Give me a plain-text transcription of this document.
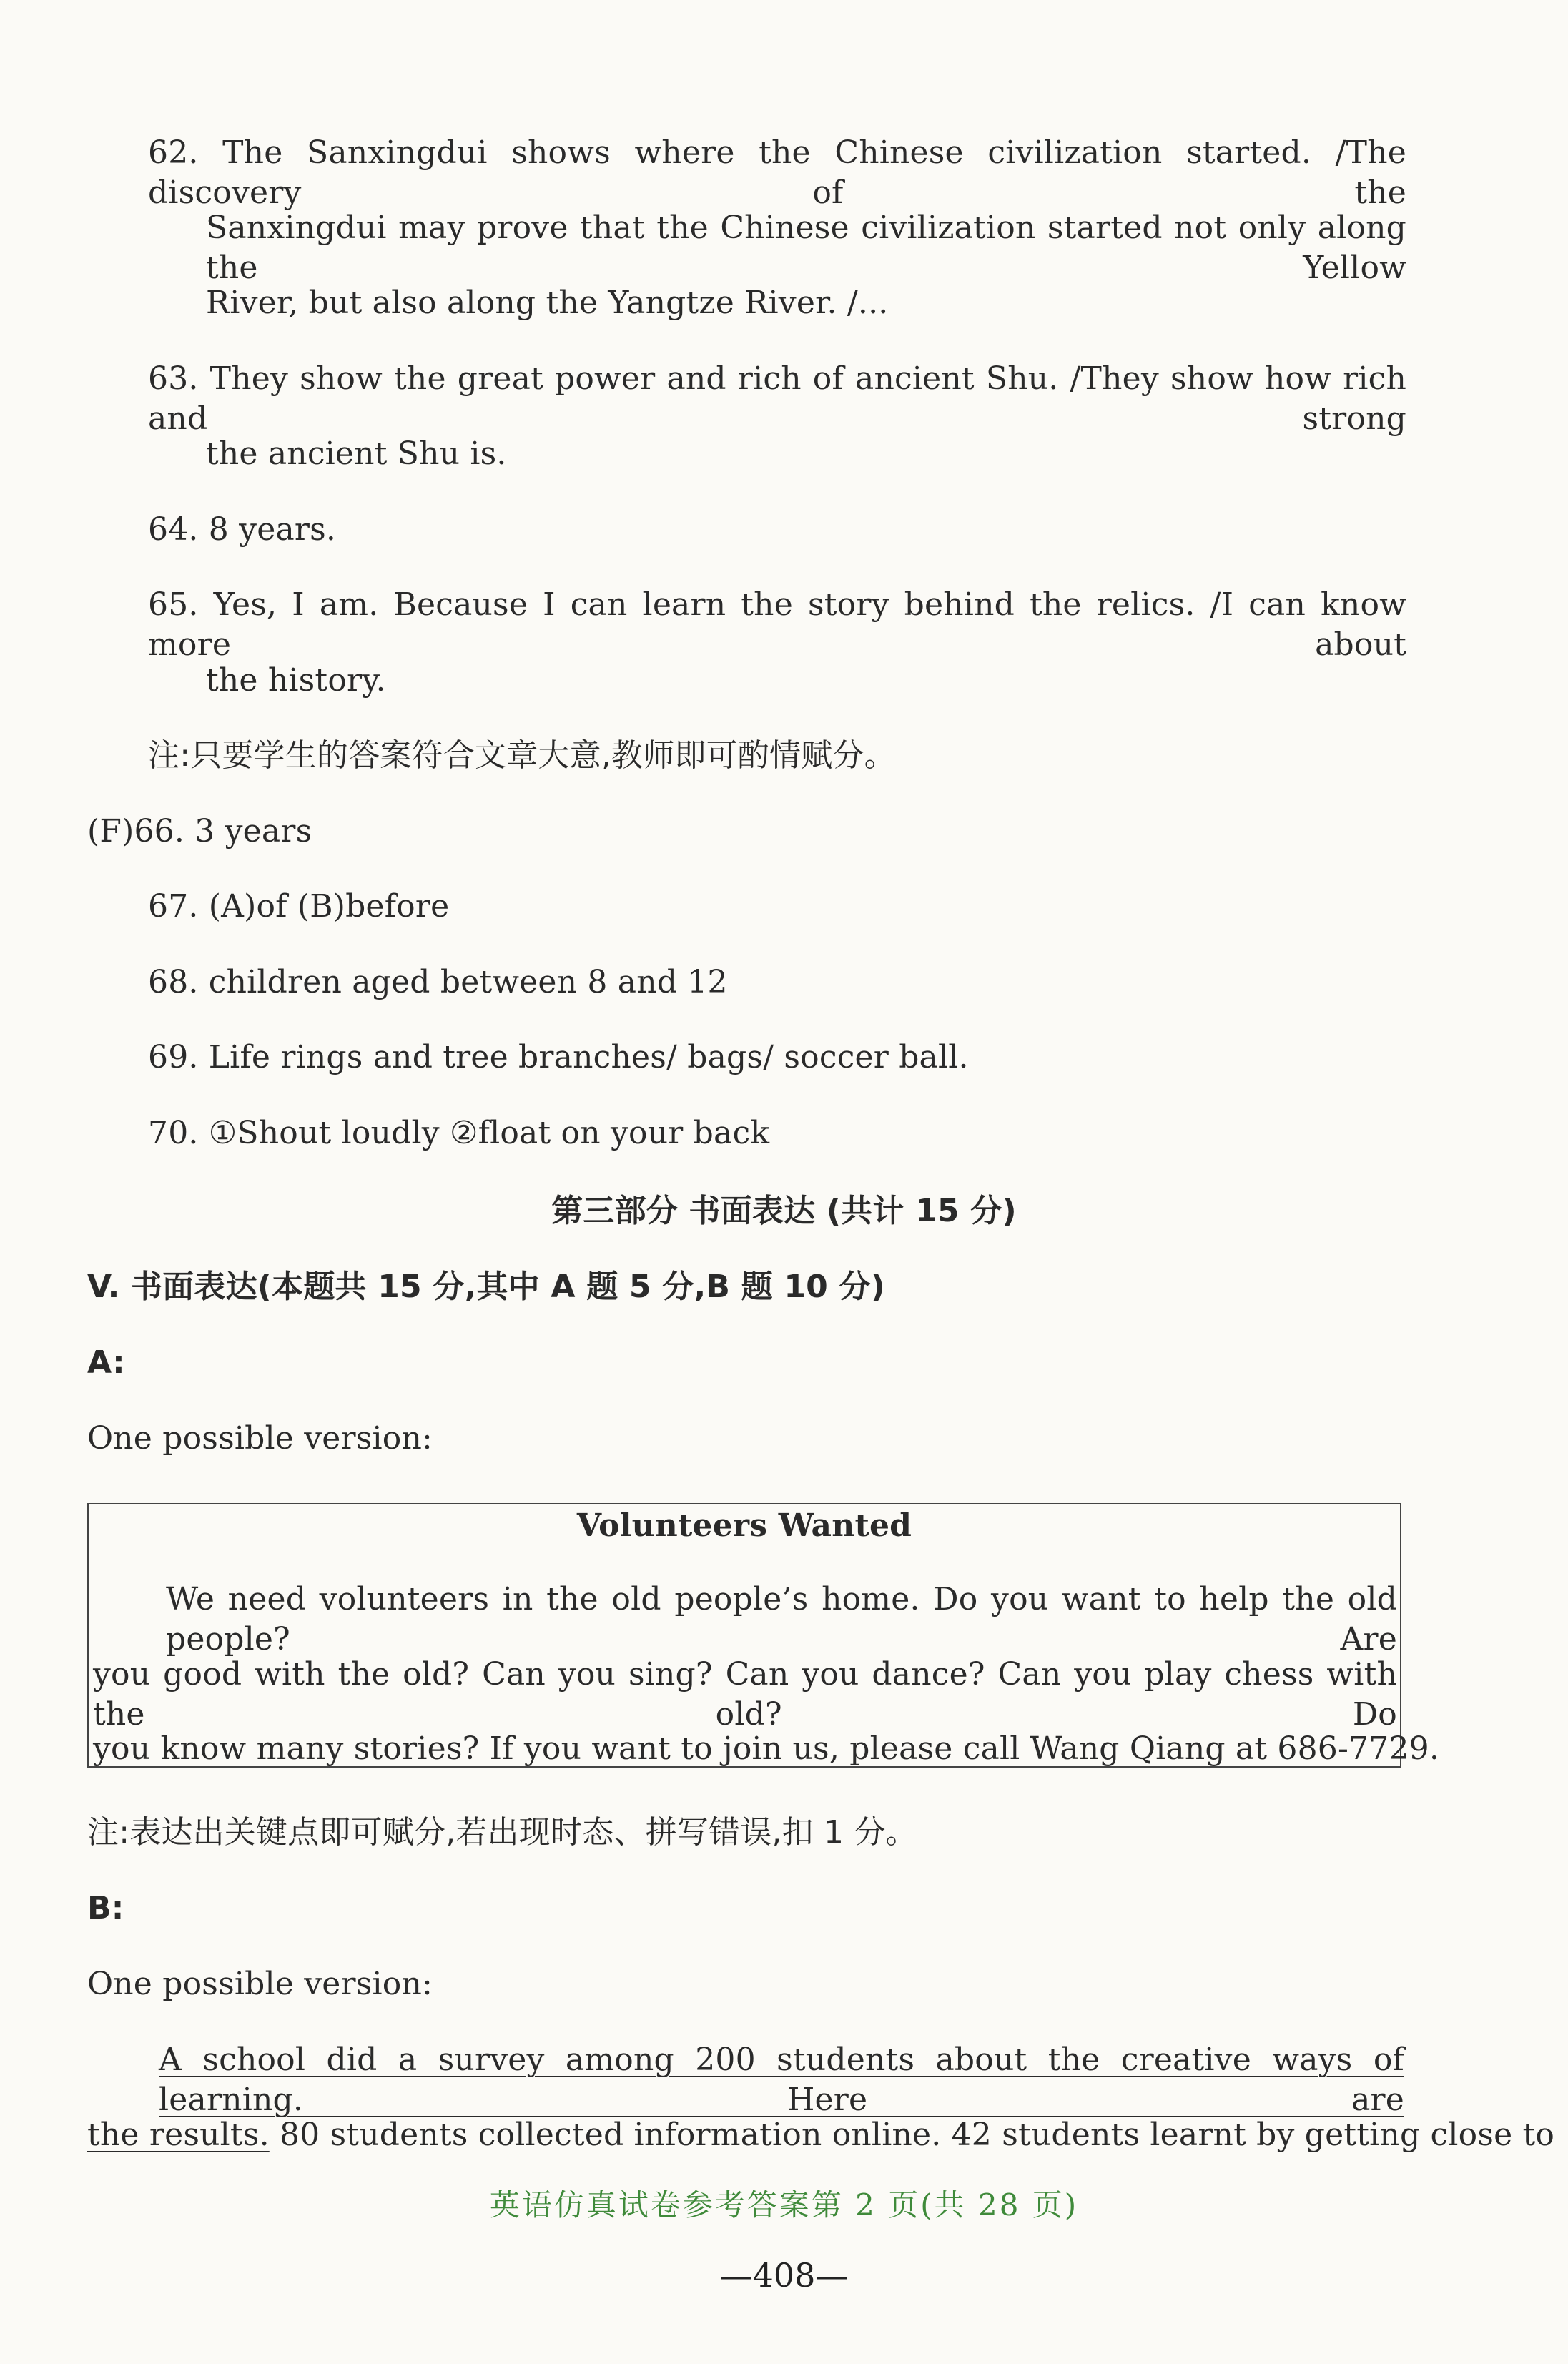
62. The Sanxingdui shows where the Chinese civilization started. /The discovery of the
Sanxingdui may prove that the Chinese civilization started not only along the Yellow
River, but also along the Yangtze River. /...
63. They show the great power and rich of ancient Shu. /They show how rich and strong
the ancient Shu is.
64. 8 years.
65. Yes, I am. Because I can learn the story behind the relics. /I can know more about
the history.
注:只要学生的答案符合文章大意,教师即可酌情赋分。
(F)66. 3 years
67. (A)of (B)before
68. children aged between 8 and 12
69. Life rings and tree branches/ bags/ soccer ball.
70. ①Shout loudly ②float on your back
第三部分 书面表达 (共计 15 分)
V. 书面表达(本题共 15 分,其中 A 题 5 分,B 题 10 分)
A:
One possible version:
Volunteers Wanted
We need volunteers in the old people’s home. Do you want to help the old people? Are
you good with the old? Can you sing? Can you dance? Can you play chess with the old? Do
you know many stories? If you want to join us, please call Wang Qiang at 686-7729.
注:表达出关键点即可赋分,若出现时态、拼写错误,扣 1 分。
B:
One possible version:
A school did a survey among 200 students about the creative ways of learning. Here are
the results. 80 students collected information online. 42 students learnt by getting close to
英语仿真试卷参考答案第 2 页(共 28 页)
—408—
